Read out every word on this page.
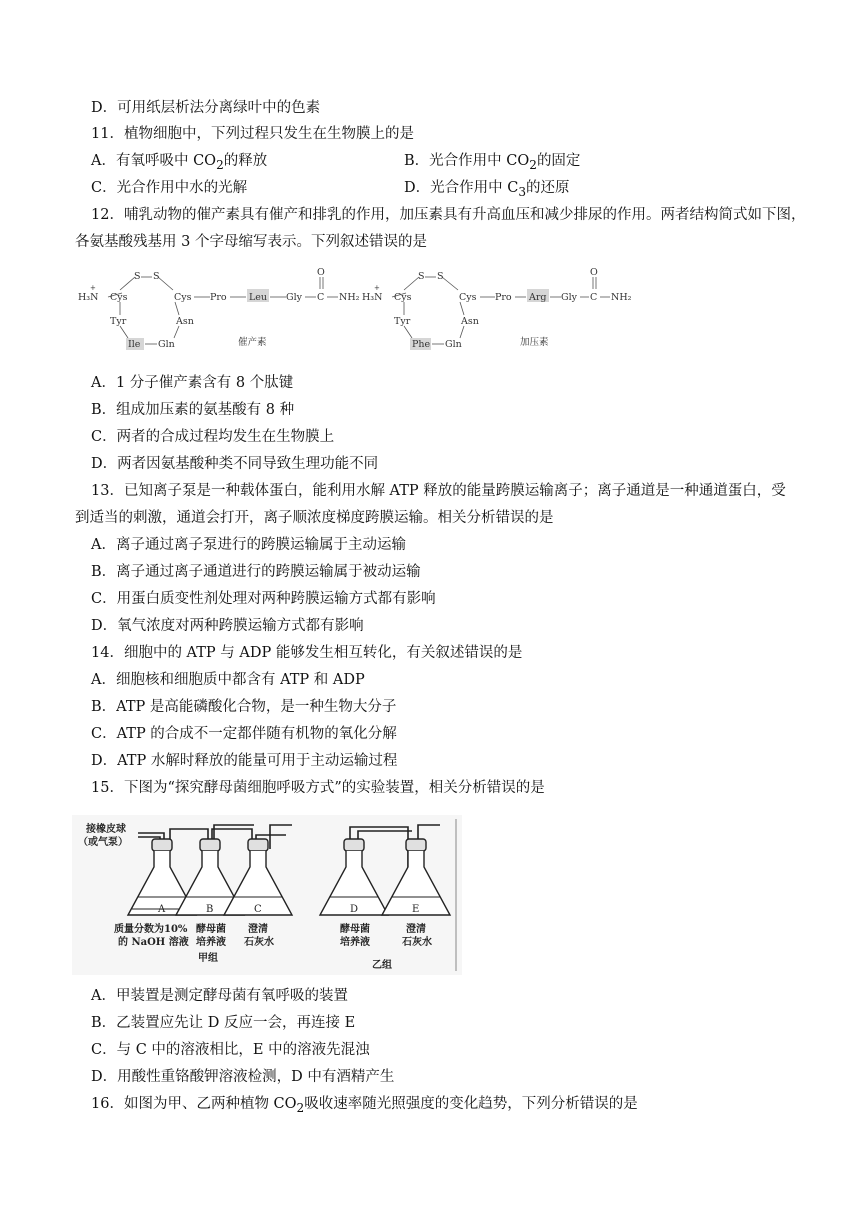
D．可用纸层析法分离绿叶中的色素
11．植物细胞中，下列过程只发生在生物膜上的是
A．有氧呼吸中 $CO_2$的释放	B．光合作用中 $CO_2$的固定
C．光合作用中水的光解	D．光合作用中 $C_3$的还原
12．哺乳动物的催产素具有催产和排乳的作用，加压素具有升高血压和减少排尿的作用。两者结构简式如下图，
各氨基酸残基用 3 个字母缩写表示。下列叙述错误的是
H₃N
+
Cys
S S
Cys Pro Leu Gly C
O
NH₂
Tyr	Asn
Ile Gln	催产素
H₃N
+
Cys
S S
Cys Pro Arg Gly C
O
NH₂
Tyr	Asn
Phe Gln	加压素
A．1 分子催产素含有 8 个肽键
B．组成加压素的氨基酸有 8 种
C．两者的合成过程均发生在生物膜上
D．两者因氨基酸种类不同导致生理功能不同
13．已知离子泵是一种载体蛋白，能利用水解 ATP 释放的能量跨膜运输离子；离子通道是一种通道蛋白，受
到适当的刺激，通道会打开，离子顺浓度梯度跨膜运输。相关分析错误的是
A．离子通过离子泵进行的跨膜运输属于主动运输
B．离子通过离子通道进行的跨膜运输属于被动运输
C．用蛋白质变性剂处理对两种跨膜运输方式都有影响
D．氧气浓度对两种跨膜运输方式都有影响
14．细胞中的 ATP 与 ADP 能够发生相互转化，有关叙述错误的是
A．细胞核和细胞质中都含有 ATP 和 ADP
B．ATP 是高能磷酸化合物，是一种生物大分子
C．ATP 的合成不一定都伴随有机物的氧化分解
D．ATP 水解时释放的能量可用于主动运输过程
15．下图为“探究酵母菌细胞呼吸方式”的实验装置，相关分析错误的是
接橡皮球
（或气泵）
A	B	C	D	E
质量分数为10%
的 NaOH 溶液
酵母菌
培养液
澄清
石灰水
酵母菌
培养液
澄清
石灰水
甲组
乙组
A．甲装置是测定酵母菌有氧呼吸的装置
B．乙装置应先让 D 反应一会，再连接 E
C．与 C 中的溶液相比，E 中的溶液先混浊
D．用酸性重铬酸钾溶液检测，D 中有酒精产生
16．如图为甲、乙两种植物 $CO_2$吸收速率随光照强度的变化趋势，下列分析错误的是
